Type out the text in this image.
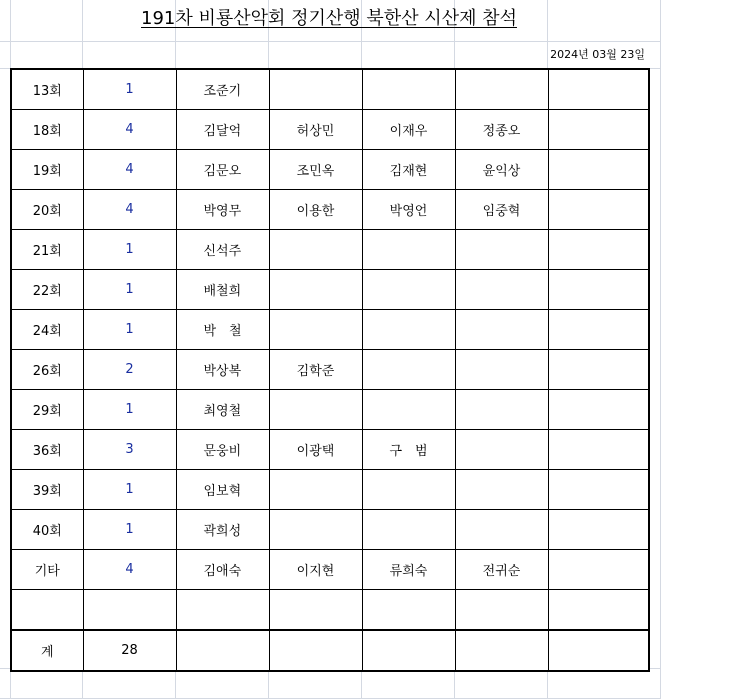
191차 비룡산악회 정기산행 북한산 시산제 참석
2024년 03월 23일
13회	1	조준기				
18회	4	김달억	허상민	이재우	정종오	
19회	4	김문오	조민옥	김재현	윤익상	
20회	4	박영무	이용한	박영언	임중혁	
21회	1	신석주				
22회	1	배철희				
24회	1	박　철				
26회	2	박상복	김학준			
29회	1	최영철				
36회	3	문웅비	이광택	구　범		
39회	1	임보혁				
40회	1	곽희성				
기타	4	김애숙	이지현	류희숙	전귀순	

계	28					
